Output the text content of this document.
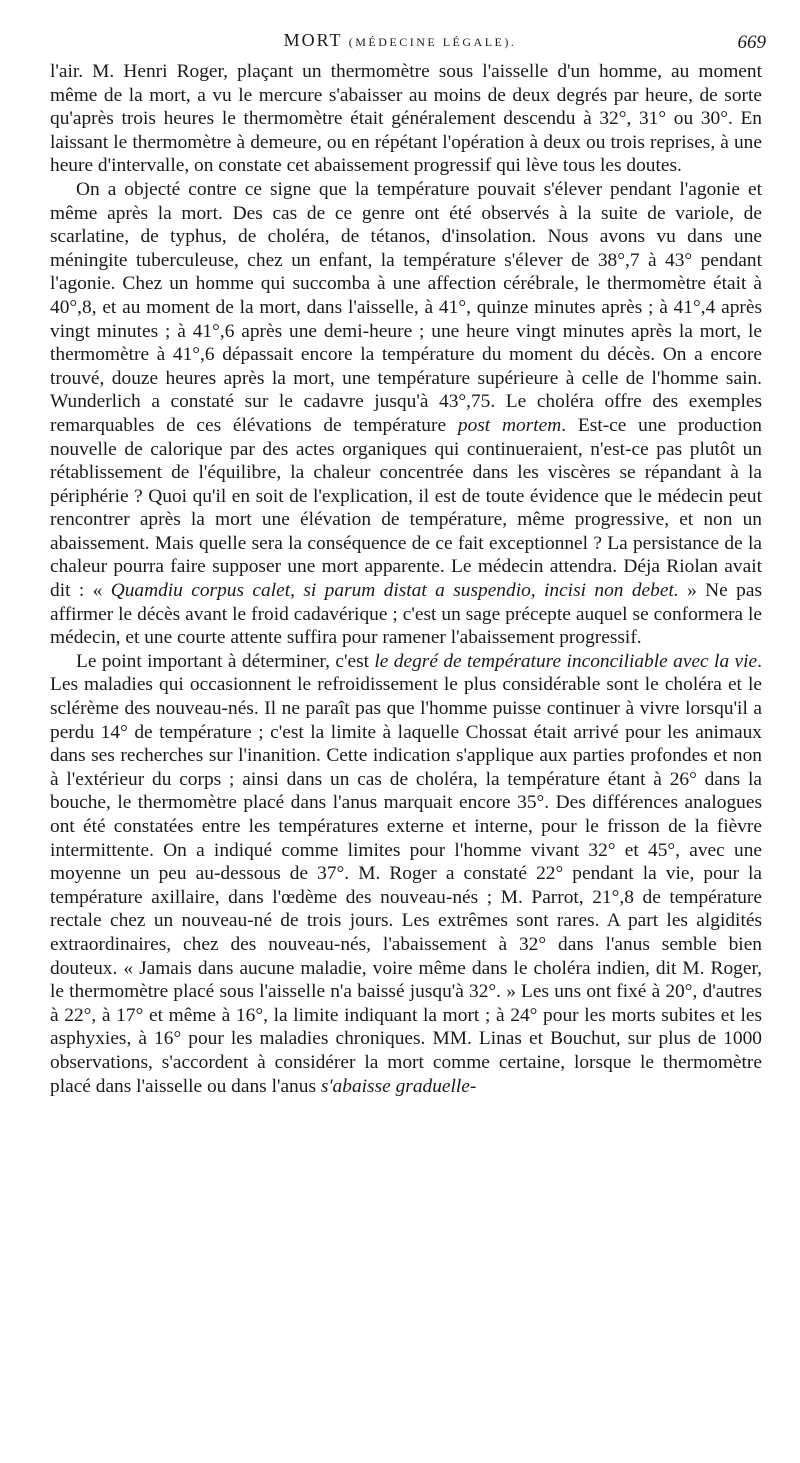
MORT (MÉDECINE LÉGALE).	669

l'air. M. Henri Roger, plaçant un thermomètre sous l'aisselle d'un homme, au moment même de la mort, a vu le mercure s'abaisser au moins de deux degrés par heure, de sorte qu'après trois heures le thermomètre était généralement descendu à 32°, 31° ou 30°. En laissant le thermomètre à demeure, ou en répétant l'opération à deux ou trois reprises, à une heure d'intervalle, on constate cet abaissement progressif qui lève tous les doutes.

On a objecté contre ce signe que la température pouvait s'élever pendant l'agonie et même après la mort. Des cas de ce genre ont été observés à la suite de variole, de scarlatine, de typhus, de choléra, de tétanos, d'insolation. Nous avons vu dans une méningite tuberculeuse, chez un enfant, la température s'élever de 38°,7 à 43° pendant l'agonie. Chez un homme qui succomba à une affection cérébrale, le thermomètre était à 40°,8, et au moment de la mort, dans l'aisselle, à 41°, quinze minutes après ; à 41°,4 après vingt minutes ; à 41°,6 après une demi-heure ; une heure vingt minutes après la mort, le thermomètre à 41°,6 dépassait encore la température du moment du décès. On a encore trouvé, douze heures après la mort, une température supérieure à celle de l'homme sain. Wunderlich a constaté sur le cadavre jusqu'à 43°,75. Le choléra offre des exemples remarquables de ces élévations de température post mortem. Est-ce une production nouvelle de calorique par des actes organiques qui continueraient, n'est-ce pas plutôt un rétablissement de l'équilibre, la chaleur concentrée dans les viscères se répandant à la périphérie ? Quoi qu'il en soit de l'explication, il est de toute évidence que le médecin peut rencontrer après la mort une élévation de température, même progressive, et non un abaissement. Mais quelle sera la conséquence de ce fait exceptionnel ? La persistance de la chaleur pourra faire supposer une mort apparente. Le médecin attendra. Déja Riolan avait dit : « Quamdiu corpus calet, si parum distat a suspendio, incisi non debet. » Ne pas affirmer le décès avant le froid cadavérique ; c'est un sage précepte auquel se conformera le médecin, et une courte attente suffira pour ramener l'abaissement progressif.

Le point important à déterminer, c'est le degré de température inconciliable avec la vie. Les maladies qui occasionnent le refroidissement le plus considérable sont le choléra et le sclérème des nouveau-nés. Il ne paraît pas que l'homme puisse continuer à vivre lorsqu'il a perdu 14° de température ; c'est la limite à laquelle Chossat était arrivé pour les animaux dans ses recherches sur l'inanition. Cette indication s'applique aux parties profondes et non à l'extérieur du corps ; ainsi dans un cas de choléra, la température étant à 26° dans la bouche, le thermomètre placé dans l'anus marquait encore 35°. Des différences analogues ont été constatées entre les températures externe et interne, pour le frisson de la fièvre intermittente. On a indiqué comme limites pour l'homme vivant 32° et 45°, avec une moyenne un peu au-dessous de 37°. M. Roger a constaté 22° pendant la vie, pour la température axillaire, dans l'œdème des nouveau-nés ; M. Parrot, 21°,8 de température rectale chez un nouveau-né de trois jours. Les extrêmes sont rares. A part les algidités extraordinaires, chez des nouveau-nés, l'abaissement à 32° dans l'anus semble bien douteux. « Jamais dans aucune maladie, voire même dans le choléra indien, dit M. Roger, le thermomètre placé sous l'aisselle n'a baissé jusqu'à 32°. » Les uns ont fixé à 20°, d'autres à 22°, à 17° et même à 16°, la limite indiquant la mort ; à 24° pour les morts subites et les asphyxies, à 16° pour les maladies chroniques. MM. Linas et Bouchut, sur plus de 1000 observations, s'accordent à considérer la mort comme certaine, lorsque le thermomètre placé dans l'aisselle ou dans l'anus s'abaisse graduelle-
